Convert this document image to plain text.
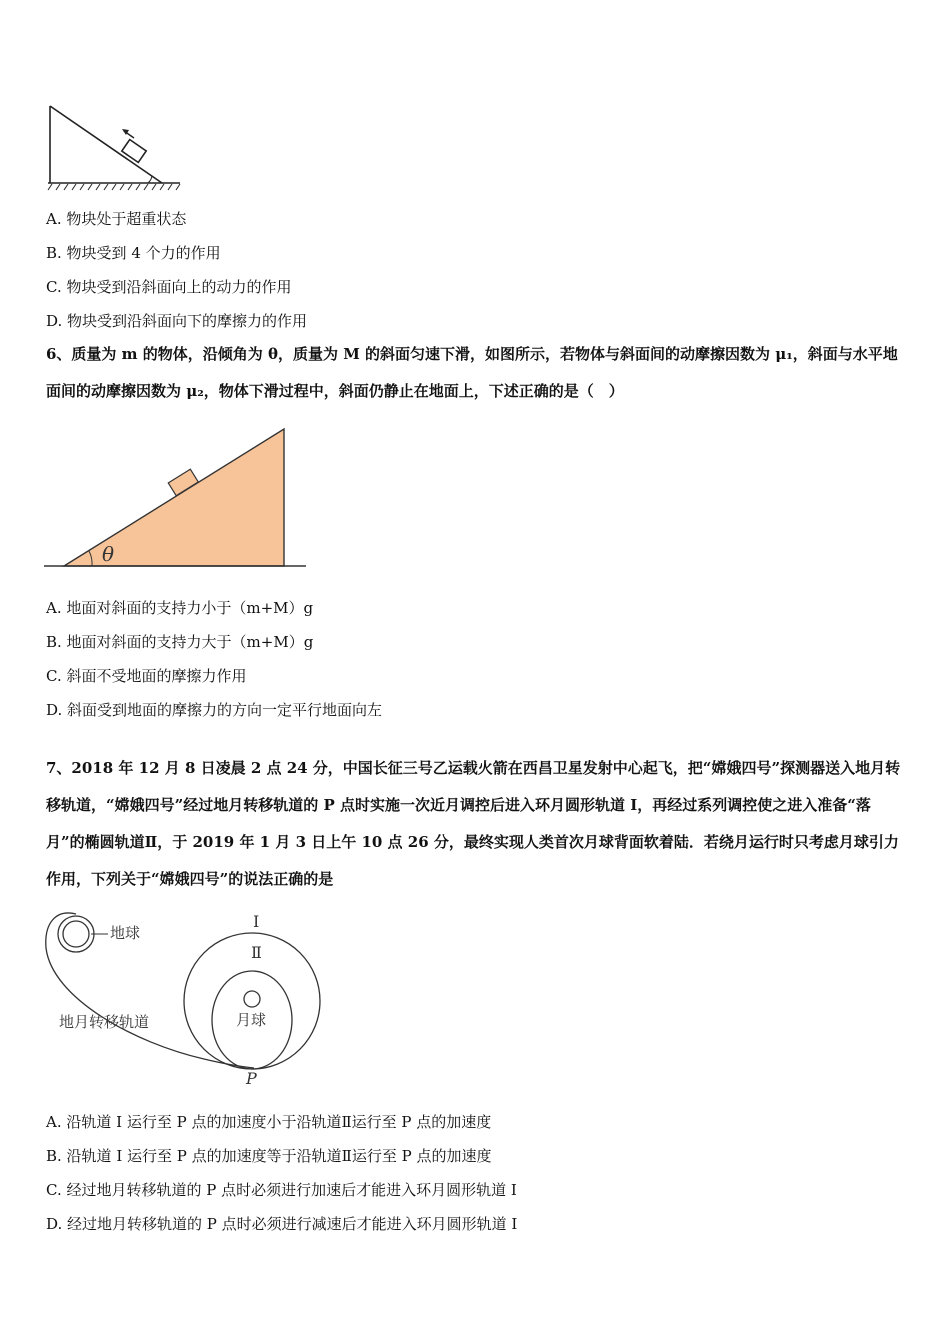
A. 物块处于超重状态
B. 物块受到 4 个力的作用
C. 物块受到沿斜面向上的动力的作用
D. 物块受到沿斜面向下的摩擦力的作用
6、质量为 m 的物体，沿倾角为 θ，质量为 M 的斜面匀速下滑，如图所示，若物体与斜面间的动摩擦因数为 μ₁，斜面与水平地面间的动摩擦因数为 μ₂，物体下滑过程中，斜面仍静止在地面上，下述正确的是（　）
θ
A. 地面对斜面的支持力小于（m+M）g
B. 地面对斜面的支持力大于（m+M）g
C. 斜面不受地面的摩擦力作用
D. 斜面受到地面的摩擦力的方向一定平行地面向左
7、2018 年 12 月 8 日凌晨 2 点 24 分，中国长征三号乙运载火箭在西昌卫星发射中心起飞，把“嫦娥四号”探测器送入地月转移轨道，“嫦娥四号”经过地月转移轨道的 P 点时实施一次近月调控后进入环月圆形轨道 I，再经过系列调控使之进入准备“落月”的椭圆轨道Ⅱ，于 2019 年 1 月 3 日上午 10 点 26 分，最终实现人类首次月球背面软着陆．若绕月运行时只考虑月球引力作用，下列关于“嫦娥四号”的说法正确的是
地球
地月转移轨道
I
Ⅱ
月球
P
A. 沿轨道 I 运行至 P 点的加速度小于沿轨道Ⅱ运行至 P 点的加速度
B. 沿轨道 I 运行至 P 点的加速度等于沿轨道Ⅱ运行至 P 点的加速度
C. 经过地月转移轨道的 P 点时必须进行加速后才能进入环月圆形轨道 I
D. 经过地月转移轨道的 P 点时必须进行减速后才能进入环月圆形轨道 I
